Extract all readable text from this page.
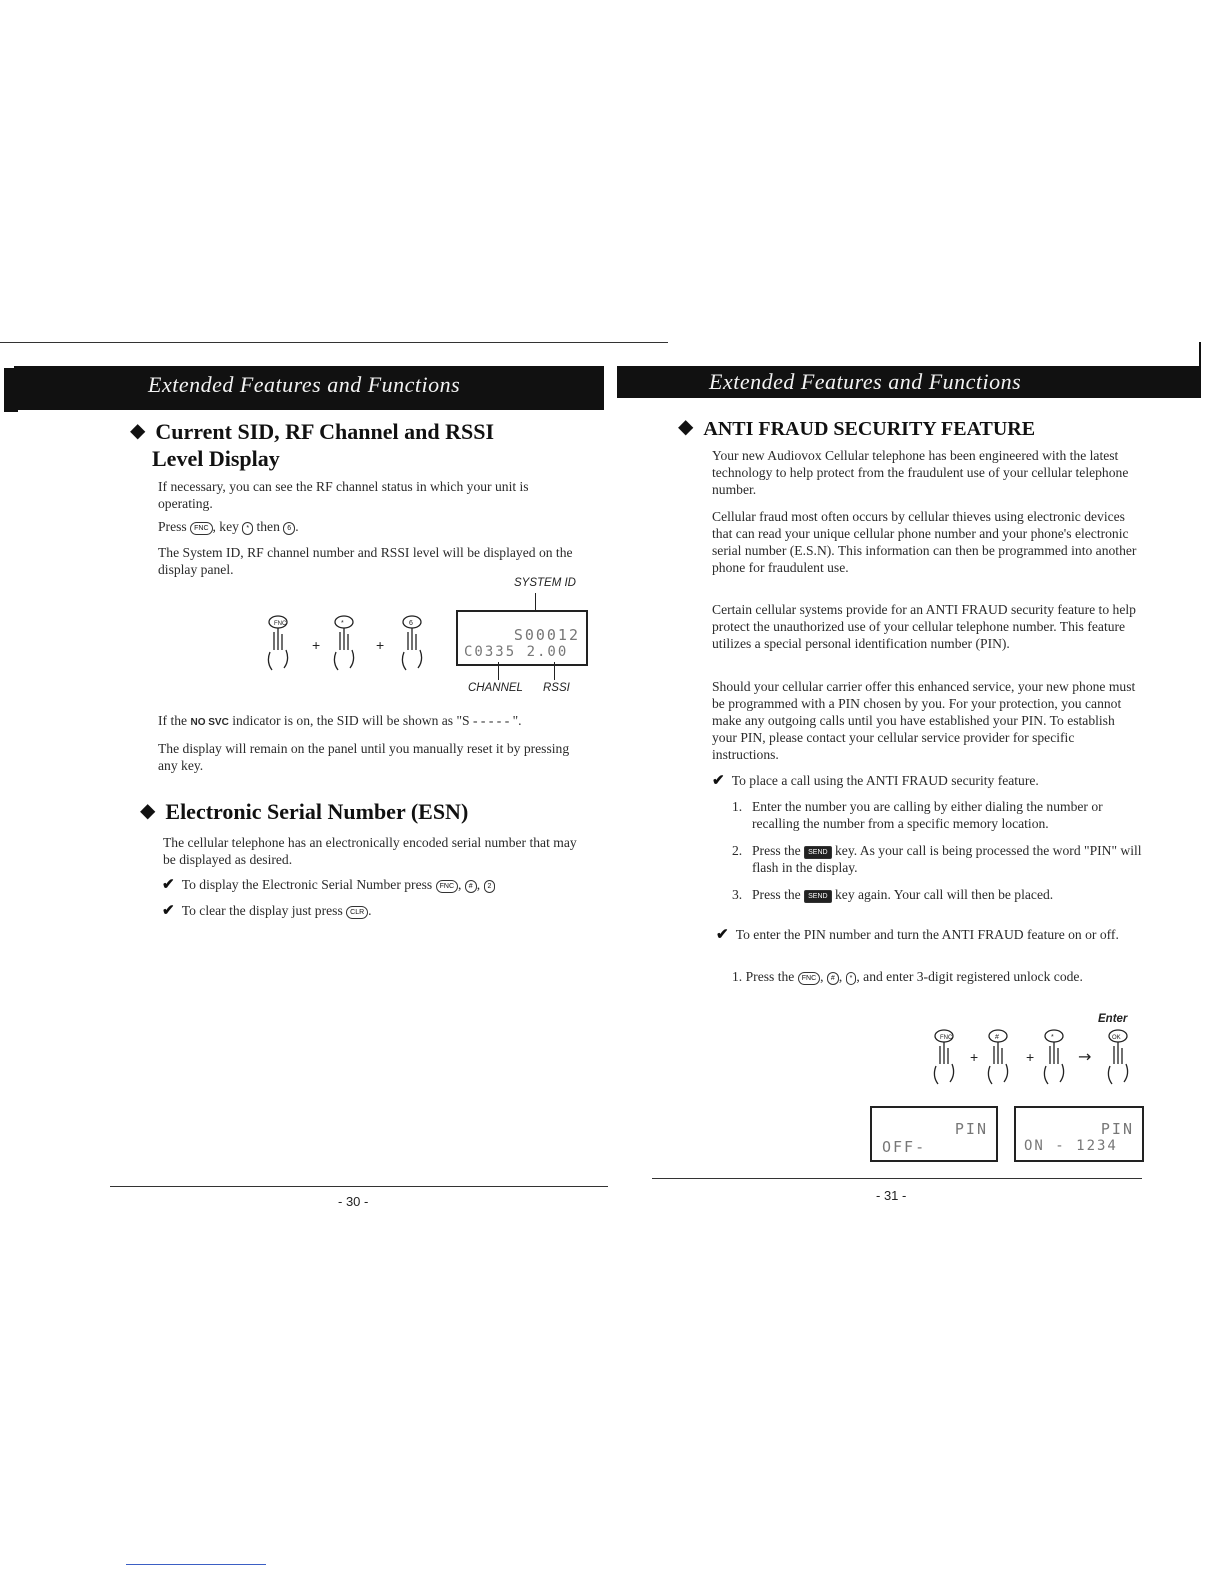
Extended Features and Functions
◆ Current SID, RF Channel and RSSI
Level Display

If necessary, you can see the RF channel status in which your unit is operating.

Press FNC , key * then 6 .

The System ID, RF channel number and RSSI level will be displayed on the display panel.

SYSTEM ID
FNC
+
*
+
6
S00012
C0335 2.00
CHANNEL RSSI

If the NO SVC indicator is on, the SID will be shown as "S - - - - - ".

The display will remain on the panel until you manually reset it by pressing any key.

◆ Electronic Serial Number (ESN)

The cellular telephone has an electronically encoded serial number that may be displayed as desired.

✔ To display the Electronic Serial Number press FNC , # , 2

✔ To clear the display just press CLR .

- 30 -
Extended Features and Functions
◆ ANTI FRAUD SECURITY FEATURE

Your new Audiovox Cellular telephone has been engineered with the latest technology to help protect from the fraudulent use of your cellular telephone number.

Cellular fraud most often occurs by cellular thieves using electronic devices that can read your unique cellular phone number and your phone's electronic serial number (E.S.N). This information can then be programmed into another phone for fraudulent use.

Certain cellular systems provide for an ANTI FRAUD security feature to help protect the unauthorized use of your cellular telephone number. This feature utilizes a special personal identification number (PIN).

Should your cellular carrier offer this enhanced service, your new phone must be programmed with a PIN chosen by you. For your protection, you cannot make any outgoing calls until you have established your PIN. To establish your PIN, please contact your cellular service provider for specific instructions.

✔ To place a call using the ANTI FRAUD security feature.

1. Enter the number you are calling by either dialing the number or recalling the number from a specific memory location.
2. Press the SEND key. As your call is being processed the word "PIN" will flash in the display.
3. Press the SEND key again. Your call will then be placed.

✔ To enter the PIN number and turn the ANTI FRAUD feature on or off.

1. Press the FNC , # , * , and enter 3-digit registered unlock code.

Enter
FNC
+
#
+
*
→
OK
PIN
OFF-
PIN
ON - 1234
- 31 -
